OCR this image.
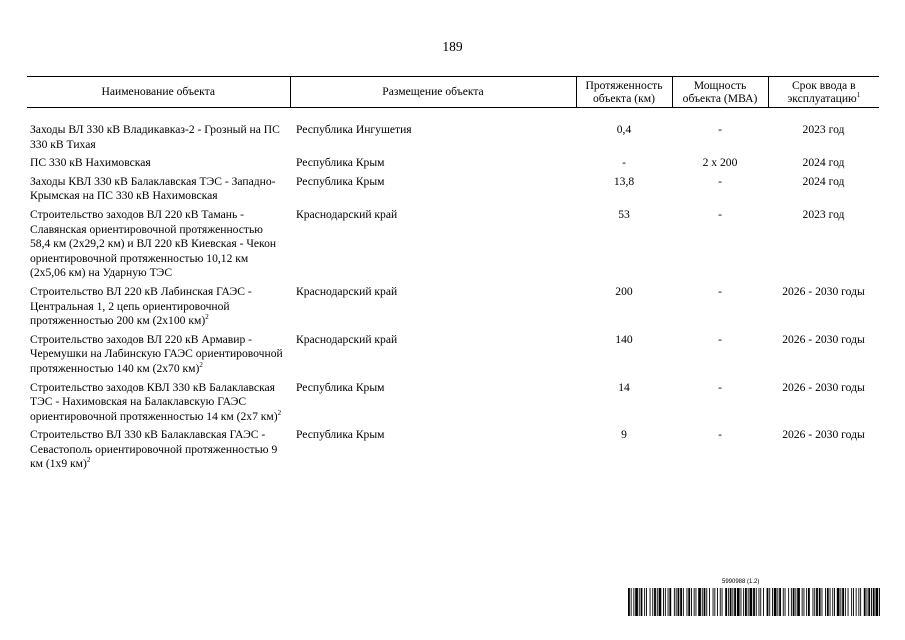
189
Наименование объекта	Размещение объекта	Протяженность объекта (км)	Мощность объекта (МВА)	Срок ввода в эксплуатацию$^1$
Заходы ВЛ 330 кВ Владикавказ-2 - Грозный на ПС 330 кВ Тихая	Республика Ингушетия	0,4	-	2023 год
ПС 330 кВ Нахимовская	Республика Крым	-	2 х 200	2024 год
Заходы КВЛ 330 кВ Балаклавская ТЭС - Западно-Крымская на ПС 330 кВ Нахимовская	Республика Крым	13,8	-	2024 год
Строительство заходов ВЛ 220 кВ Тамань - Славянская ориентировочной протяженностью 58,4 км (2х29,2 км) и ВЛ 220 кВ Киевская - Чекон ориентировочной протяженностью 10,12 км (2х5,06 км) на Ударную ТЭС	Краснодарский край	53	-	2023 год
Строительство ВЛ 220 кВ Лабинская ГАЭС - Центральная 1, 2 цепь ориентировочной протяженностью 200 км (2х100 км)$^2$	Краснодарский край	200	-	2026 - 2030 годы
Строительство заходов ВЛ 220 кВ Армавир - Черемушки на Лабинскую ГАЭС ориентировочной протяженностью 140 км (2х70 км)$^2$	Краснодарский край	140	-	2026 - 2030 годы
Строительство заходов КВЛ 330 кВ Балаклавская ТЭС - Нахимовская на Балаклавскую ГАЭС ориентировочной протяженностью 14 км (2х7 км)$^2$	Республика Крым	14	-	2026 - 2030 годы
Строительство ВЛ 330 кВ Балаклавская ГАЭС - Севастополь ориентировочной протяженностью 9 км (1х9 км)$^2$	Республика Крым	9	-	2026 - 2030 годы
5990988 (1.2)
